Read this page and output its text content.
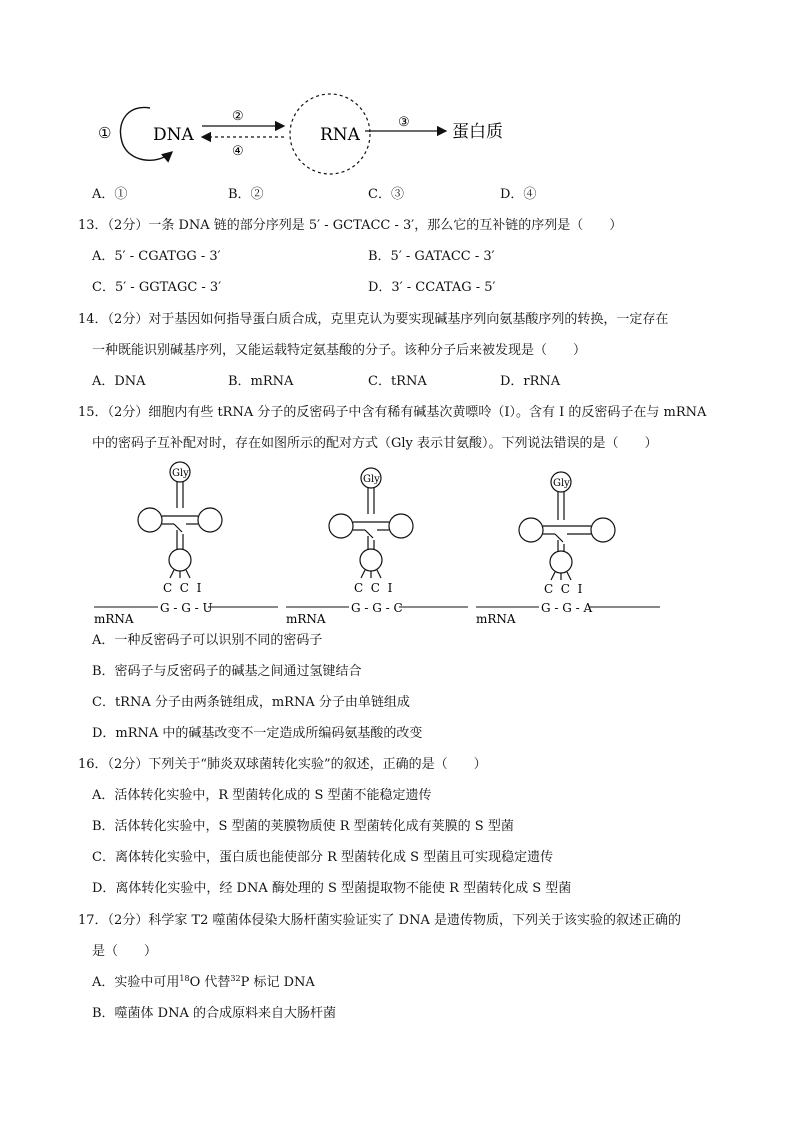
① DNA
②
④
RNA
③ 蛋白质
A．①	B．②	C．③	D．④
13．（2分）一条 DNA 链的部分序列是 5′ - GCTACC - 3′，那么它的互补链的序列是（　　）
A．5′ - CGATGG - 3′	B．5′ - GATACC - 3′
C．5′ - GGTAGC - 3′	D．3′ - CCATAG - 5′
14．（2分）对于基因如何指导蛋白质合成，克里克认为要实现碱基序列向氨基酸序列的转换，一定存在
一种既能识别碱基序列，又能运载特定氨基酸的分子。该种分子后来被发现是（　　）
A．DNA	B．mRNA	C．tRNA	D．rRNA
15．（2分）细胞内有些 tRNA 分子的反密码子中含有稀有碱基次黄嘌呤（I）。含有 I 的反密码子在与 mRNA
中的密码子互补配对时，存在如图所示的配对方式（Gly 表示甘氨酸）。下列说法错误的是（　　）
Gly
C  C  I
G - G - U
mRNA
Gly
C  C  I
G - G - C
mRNA
Gly
C  C  I
G - G - A
mRNA
A．一种反密码子可以识别不同的密码子
B．密码子与反密码子的碱基之间通过氢键结合
C．tRNA 分子由两条链组成，mRNA 分子由单链组成
D．mRNA 中的碱基改变不一定造成所编码氨基酸的改变
16．（2分）下列关于“肺炎双球菌转化实验”的叙述，正确的是（　　）
A．活体转化实验中，R 型菌转化成的 S 型菌不能稳定遗传
B．活体转化实验中，S 型菌的荚膜物质使 R 型菌转化成有荚膜的 S 型菌
C．离体转化实验中，蛋白质也能使部分 R 型菌转化成 S 型菌且可实现稳定遗传
D．离体转化实验中，经 DNA 酶处理的 S 型菌提取物不能使 R 型菌转化成 S 型菌
17．（2分）科学家 T2 噬菌体侵染大肠杆菌实验证实了 DNA 是遗传物质，下列关于该实验的叙述正确的
是（　　）
A．实验中可用$^{18}$O 代替$^{32}$P 标记 DNA
B．噬菌体 DNA 的合成原料来自大肠杆菌
